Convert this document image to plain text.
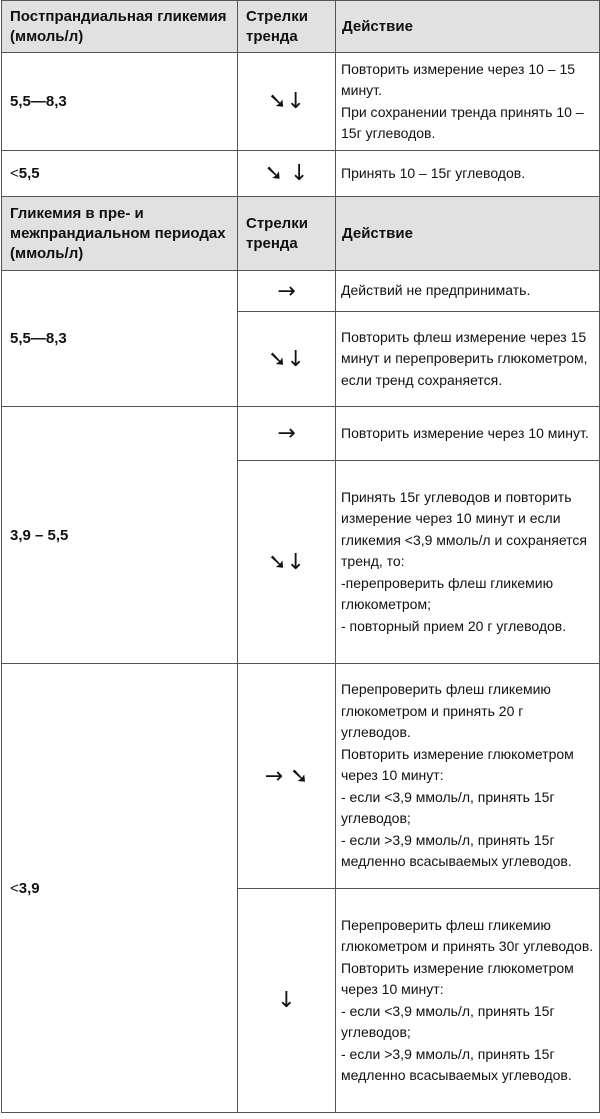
Постпрандиальная гликемия (ммоль/л)	Стрелки тренда	Действие
5,5—8,3	➘↓	Повторить измерение через 10 – 15 минут.
При сохранении тренда принять 10 – 15г углеводов.
<5,5	➘ ↓	Принять 10 – 15г углеводов.
Гликемия в пре- и межпрандиальном периодах (ммоль/л)	Стрелки тренда	Действие
5,5—8,3	→	Действий не предпринимать.
	➘↓	Повторить флеш измерение через 15 минут и перепроверить глюкометром, если тренд сохраняется.
3,9 – 5,5	→	Повторить измерение через 10 минут.
	➘↓	Принять 15г углеводов и повторить измерение через 10 минут и если гликемия <3,9 ммоль/л и сохраняется тренд, то:
-перепроверить флеш гликемию глюкометром;
- повторный прием 20 г углеводов.
<3,9	→ ➘	Перепроверить флеш гликемию глюкометром и принять 20 г углеводов.
Повторить измерение глюкометром через 10 минут:
- если <3,9 ммоль/л, принять 15г углеводов;
- если >3,9 ммоль/л, принять 15г медленно всасываемых углеводов.
	↓	Перепроверить флеш гликемию глюкометром и принять 30г углеводов. Повторить измерение глюкометром через 10 минут:
- если <3,9 ммоль/л, принять 15г углеводов;
- если >3,9 ммоль/л, принять 15г медленно всасываемых углеводов.
